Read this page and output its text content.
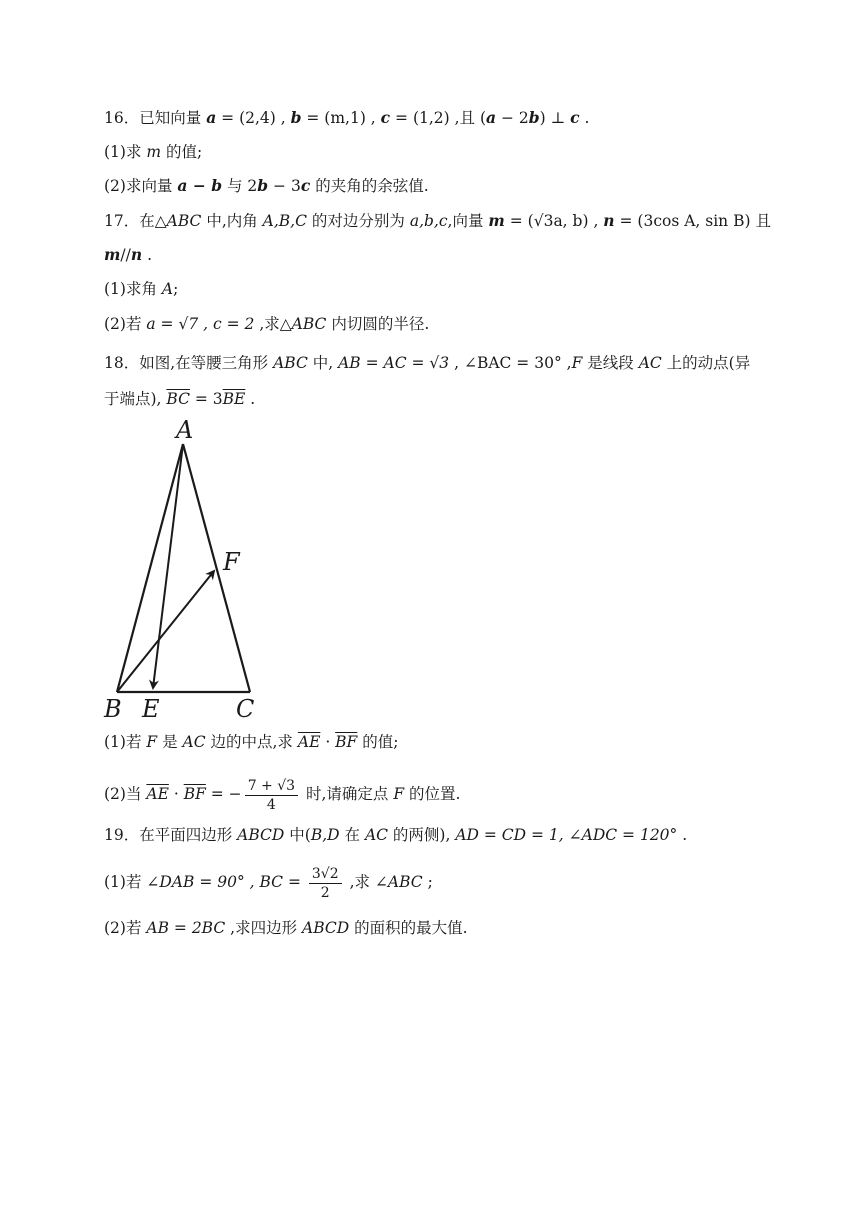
16．已知向量 a = (2,4) , b = (m,1) , c = (1,2) ,且 (a − 2b) ⊥ c .
(1)求 m 的值;
(2)求向量 a − b 与 2b − 3c 的夹角的余弦值.
17．在△ABC 中,内角 A,B,C 的对边分别为 a,b,c,向量 m = (√3a, b) , n = (3cos A, sin B) 且
m//n .
(1)求角 A;
(2)若 a = √7 , c = 2 ,求△ABC 内切圆的半径.
18．如图,在等腰三角形 ABC 中, AB = AC = √3 , ∠BAC = 30° ,F 是线段 AC 上的动点(异
于端点), $\overline{BC} = 3\overline{BE}$ .
A
B E	C
F
(1)若 F 是 AC 边的中点,求 $\overline{AE} \cdot \overline{BF}$ 的值;
(2)当 $\overline{AE} \cdot \overline{BF}$ = − $\frac{7 + √3}{4}$ 时,请确定点 F 的位置.
19．在平面四边形 ABCD 中(B,D 在 AC 的两侧), AD = CD = 1, ∠ADC = 120° .
(1)若 ∠DAB = 90° , BC = $\frac{3√2}{2}$ ,求 ∠ABC ;
(2)若 AB = 2BC ,求四边形 ABCD 的面积的最大值.
